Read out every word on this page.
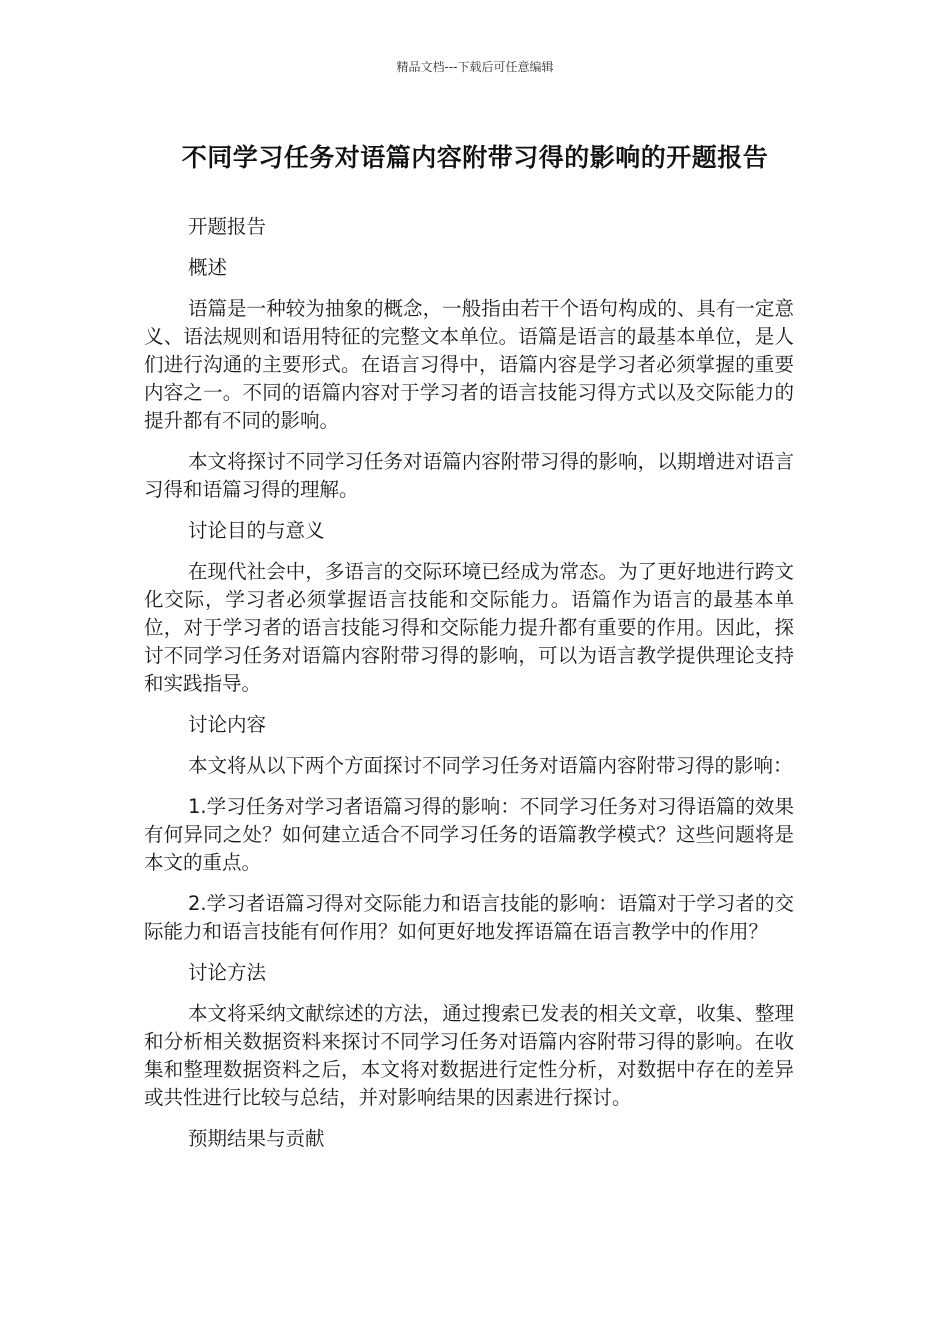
精品文档---下载后可任意编辑
不同学习任务对语篇内容附带习得的影响的开题报告

开题报告

概述

语篇是一种较为抽象的概念，一般指由若干个语句构成的、具有一定意义、语法规则和语用特征的完整文本单位。语篇是语言的最基本单位，是人们进行沟通的主要形式。在语言习得中，语篇内容是学习者必须掌握的重要内容之一。不同的语篇内容对于学习者的语言技能习得方式以及交际能力的提升都有不同的影响。

本文将探讨不同学习任务对语篇内容附带习得的影响，以期增进对语言习得和语篇习得的理解。

讨论目的与意义

在现代社会中，多语言的交际环境已经成为常态。为了更好地进行跨文化交际，学习者必须掌握语言技能和交际能力。语篇作为语言的最基本单位，对于学习者的语言技能习得和交际能力提升都有重要的作用。因此，探讨不同学习任务对语篇内容附带习得的影响，可以为语言教学提供理论支持和实践指导。

讨论内容

本文将从以下两个方面探讨不同学习任务对语篇内容附带习得的影响：

1.学习任务对学习者语篇习得的影响：不同学习任务对习得语篇的效果有何异同之处？如何建立适合不同学习任务的语篇教学模式？这些问题将是本文的重点。

2.学习者语篇习得对交际能力和语言技能的影响：语篇对于学习者的交际能力和语言技能有何作用？如何更好地发挥语篇在语言教学中的作用？

讨论方法

本文将采纳文献综述的方法，通过搜索已发表的相关文章，收集、整理和分析相关数据资料来探讨不同学习任务对语篇内容附带习得的影响。在收集和整理数据资料之后，本文将对数据进行定性分析，对数据中存在的差异或共性进行比较与总结，并对影响结果的因素进行探讨。

预期结果与贡献
